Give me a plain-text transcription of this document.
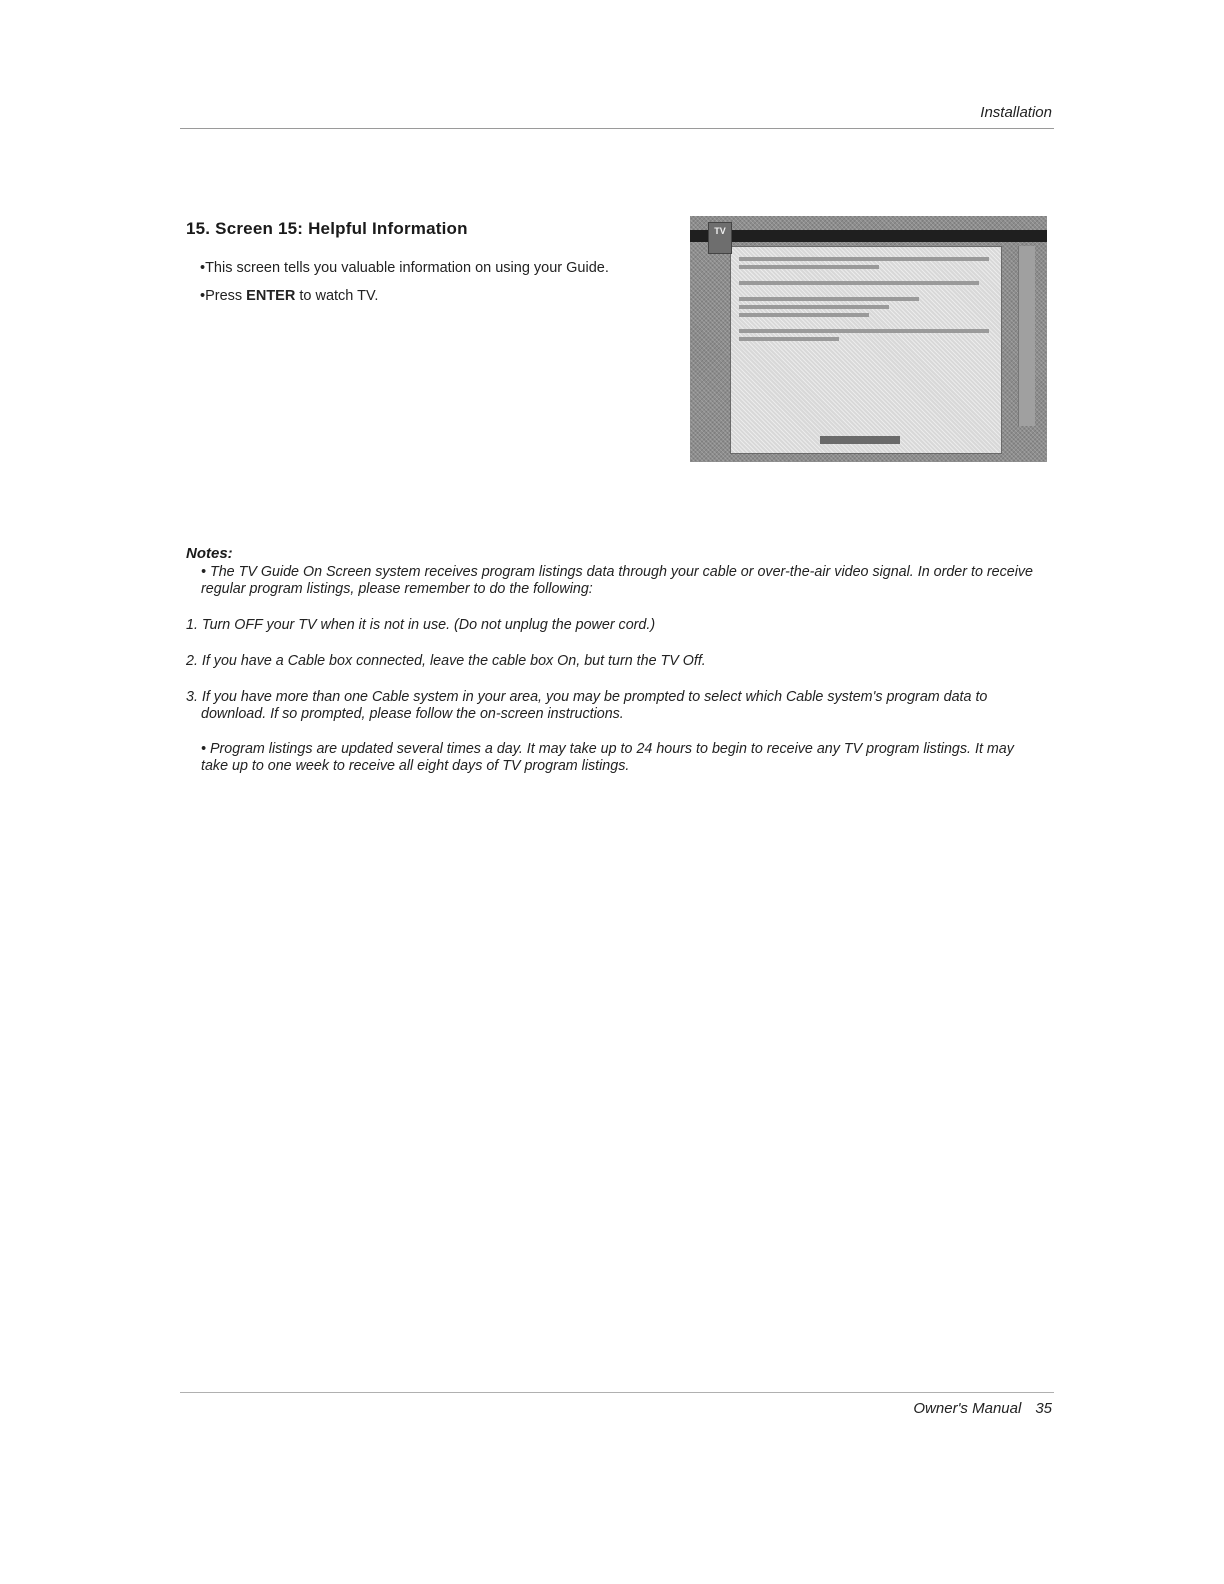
Installation
15. Screen 15: Helpful Information
•This screen tells you valuable information on using your Guide.
•Press ENTER to watch TV.
TV
Notes:
• The TV Guide On Screen system receives program listings data through your cable or over-the-air video signal. In order to receive regular program listings, please remember to do the following:
1. Turn OFF your TV when it is not in use. (Do not unplug the power cord.)
2. If you have a Cable box connected, leave the cable box On, but turn the TV Off.
3. If you have more than one Cable system in your area, you may be prompted to select which Cable system's program data to download. If so prompted, please follow the on-screen instructions.
• Program listings are updated several times a day. It may take up to 24 hours to begin to receive any TV program listings. It may take up to one week to receive all eight days of TV program listings.
Owner's Manual 35
